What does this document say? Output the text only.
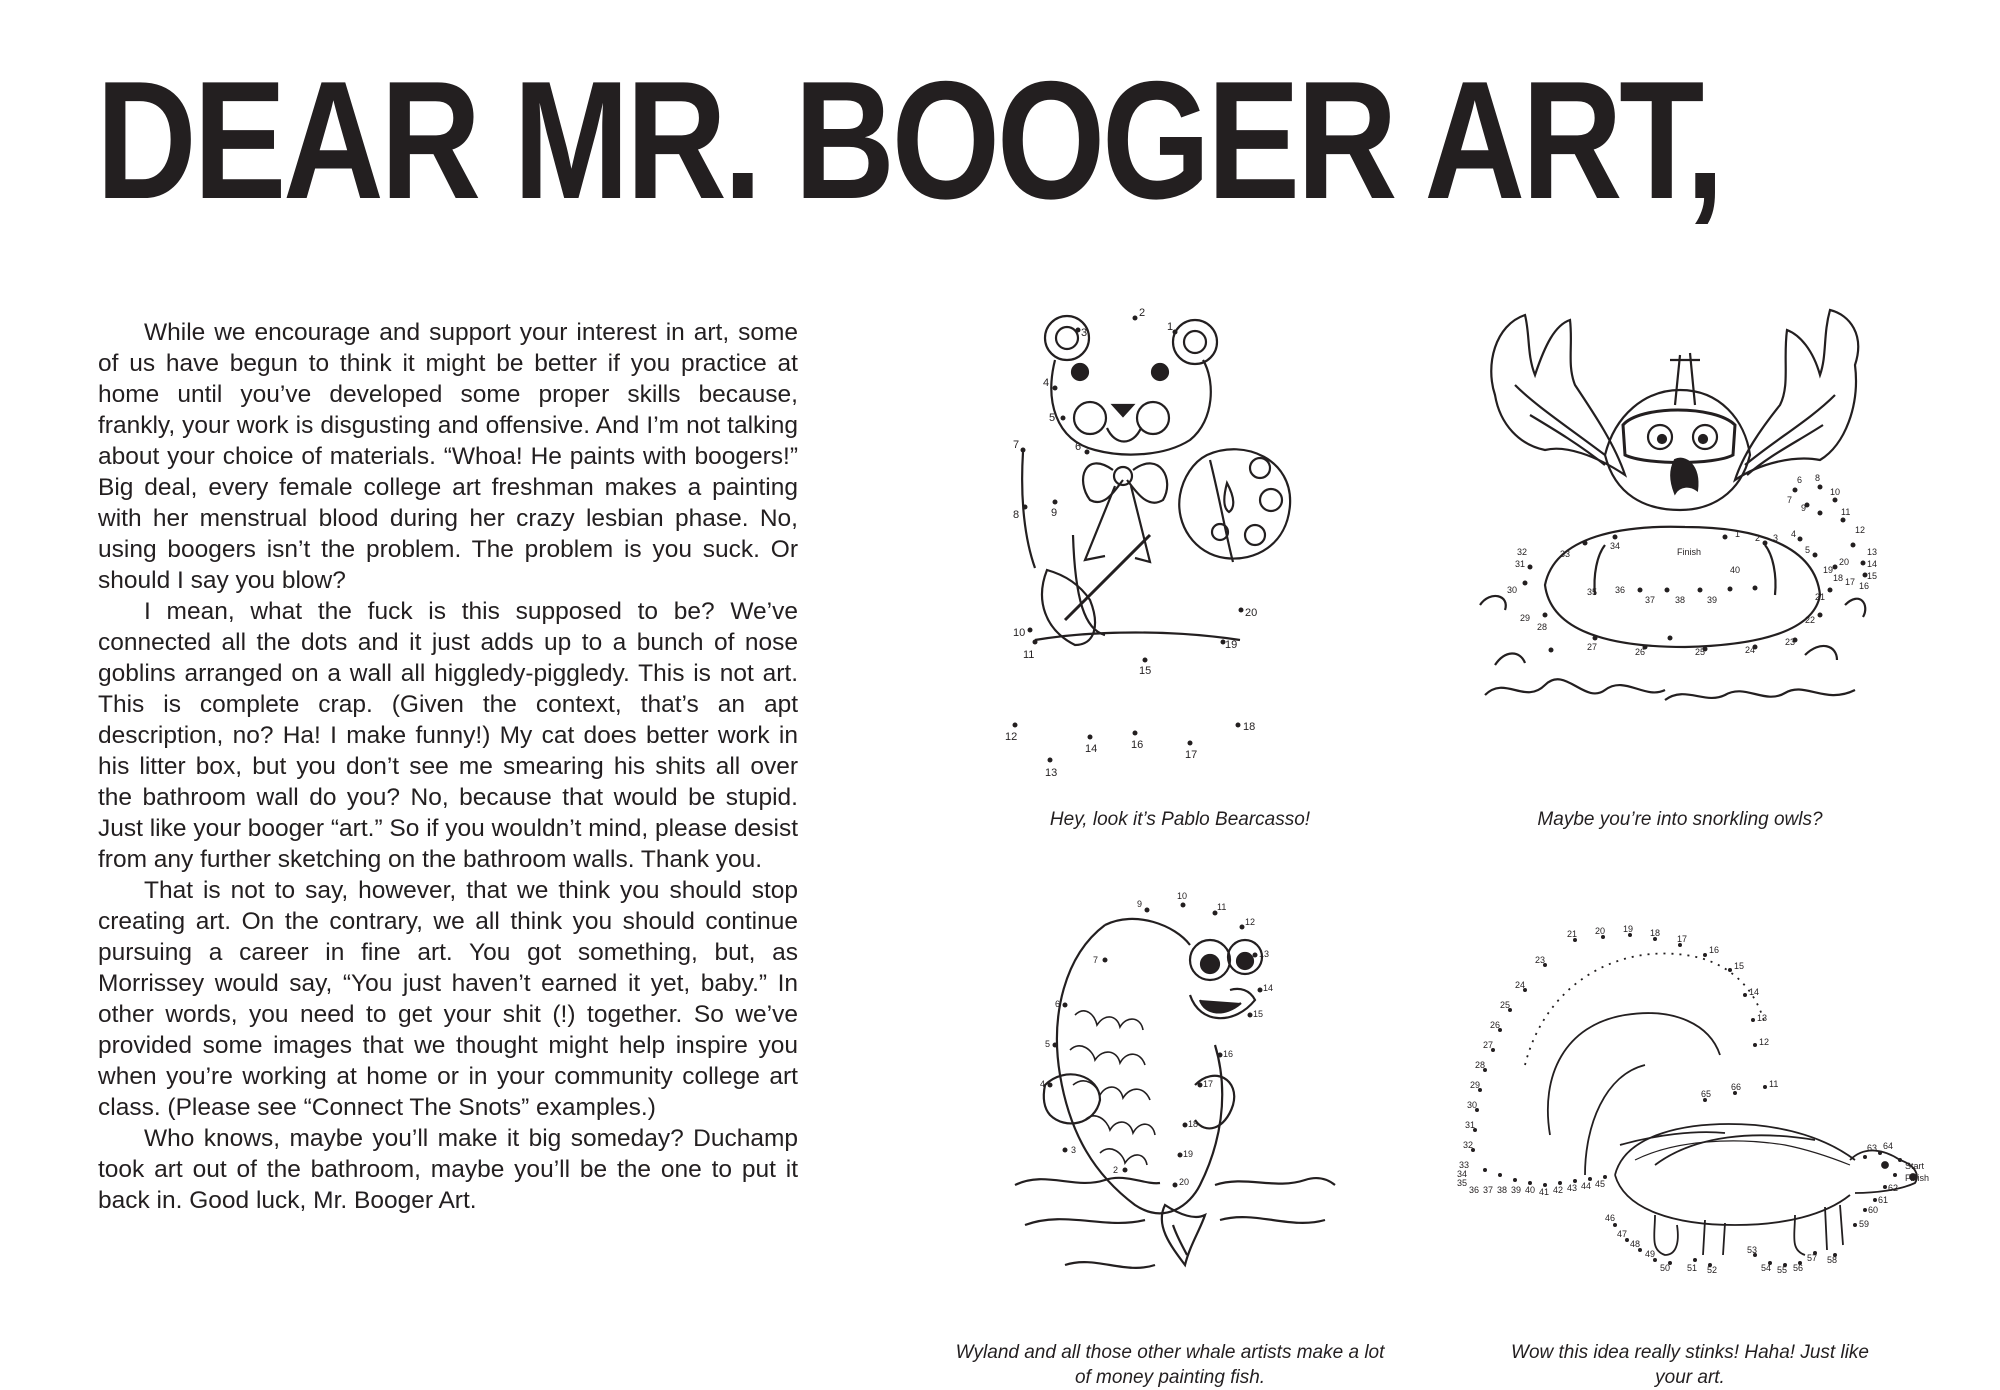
DEAR MR. BOOGER ART,

While we encourage and support your interest in art, some of us have begun to think it might be better if you practice at home until you’ve developed some proper skills because, frankly, your work is disgusting and offensive. And I’m not talking about your choice of materials. “Whoa! He paints with boogers!” Big deal, every female college art freshman makes a painting with her menstrual blood during her crazy lesbian phase. No, using boogers isn’t the problem. The problem is you suck. Or should I say you blow?

I mean, what the fuck is this supposed to be? We’ve connected all the dots and it just adds up to a bunch of nose goblins arranged on a wall all higgledy-piggledy. This is not art. This is complete crap. (Given the context, that’s an apt description, no? Ha! I make funny!) My cat does better work in his litter box, but you don’t see me smearing his shits all over the bathroom wall do you? No, because that would be stupid. Just like your booger “art.” So if you wouldn’t mind, please desist from any further sketching on the bathroom walls. Thank you.

That is not to say, however, that we think you should stop creating art. On the contrary, we all think you should continue pursuing a career in fine art. You got something, but, as Morrissey would say, “You just haven’t earned it yet, baby.” In other words, you need to get your shit (!) together. So we’ve provided some images that we thought might help inspire you when you’re working at home or in your community college art class. (Please see “Connect The Snots” examples.)

Who knows, maybe you’ll make it big someday? Duchamp took art out of the bathroom, maybe you’ll be the one to put it back in. Good luck, Mr. Booger Art.

2
3	1
4
5
6
7
8	9
10
11
15
19
20
12
13
14	16
17
18
Hey, look it’s Pablo Bearcasso!
7
6 8
10
11
12
9
5
4
3
2
1
13
14
15
16
17
18
19
20
21
22
23
24
25
26
27
28
29
30
31
32	33
34
35 36
37 38 39
40
Finish
Maybe you’re into snorkling owls?
9
10
11
12
13
14
15
16
17
18
19
20
7
6
5
4
3
2
Wyland and all those other whale artists make a lot of money painting fish.
21 20 19 18
17
16
15
14
13
12
11
23
24
25
26
27
28
29
30
31
32
33
34
35
36 37 38 39 40 41 42 43 44 45
46
47
48
49
50 51 52
53
54 55 56
57 58
59
60
61
62
63 64
65
66
Start
Finish
Wow this idea really stinks! Haha! Just like your art.
